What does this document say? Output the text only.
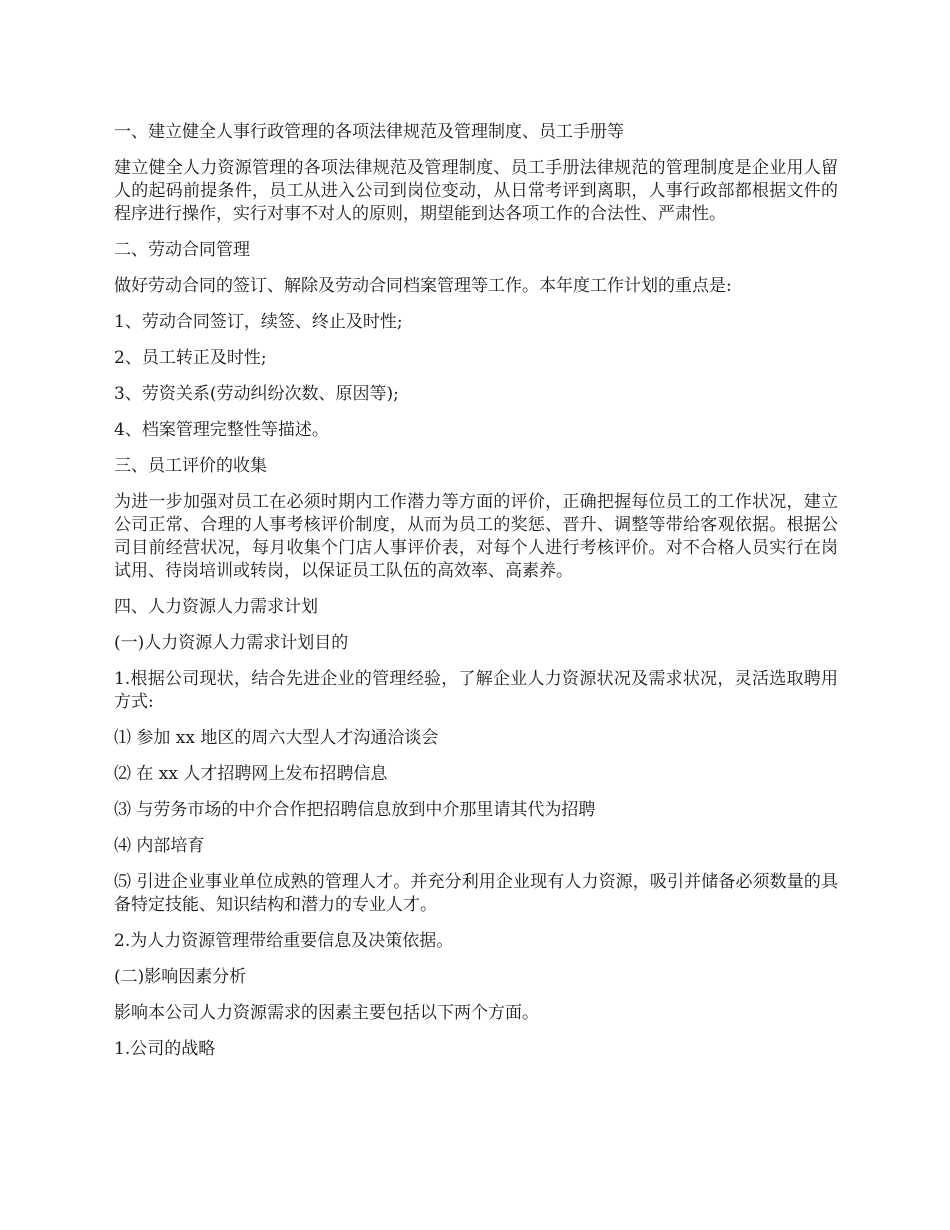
一、建立健全人事行政管理的各项法律规范及管理制度、员工手册等

建立健全人力资源管理的各项法律规范及管理制度、员工手册法律规范的管理制度是企业用人留人的起码前提条件，员工从进入公司到岗位变动，从日常考评到离职，人事行政部都根据文件的程序进行操作，实行对事不对人的原则，期望能到达各项工作的合法性、严肃性。

二、劳动合同管理

做好劳动合同的签订、解除及劳动合同档案管理等工作。本年度工作计划的重点是:

1、劳动合同签订，续签、终止及时性;

2、员工转正及时性;

3、劳资关系(劳动纠纷次数、原因等);

4、档案管理完整性等描述。

三、员工评价的收集

为进一步加强对员工在必须时期内工作潜力等方面的评价，正确把握每位员工的工作状况，建立公司正常、合理的人事考核评价制度，从而为员工的奖惩、晋升、调整等带给客观依据。根据公司目前经营状况，每月收集个门店人事评价表，对每个人进行考核评价。对不合格人员实行在岗试用、待岗培训或转岗，以保证员工队伍的高效率、高素养。

四、人力资源人力需求计划

(一)人力资源人力需求计划目的

1.根据公司现状，结合先进企业的管理经验，了解企业人力资源状况及需求状况，灵活选取聘用方式:

⑴ 参加 xx 地区的周六大型人才沟通洽谈会

⑵ 在 xx 人才招聘网上发布招聘信息

⑶ 与劳务市场的中介合作把招聘信息放到中介那里请其代为招聘

⑷ 内部培育

⑸ 引进企业事业单位成熟的管理人才。并充分利用企业现有人力资源，吸引并储备必须数量的具备特定技能、知识结构和潜力的专业人才。

2.为人力资源管理带给重要信息及决策依据。

(二)影响因素分析

影响本公司人力资源需求的因素主要包括以下两个方面。

1.公司的战略
